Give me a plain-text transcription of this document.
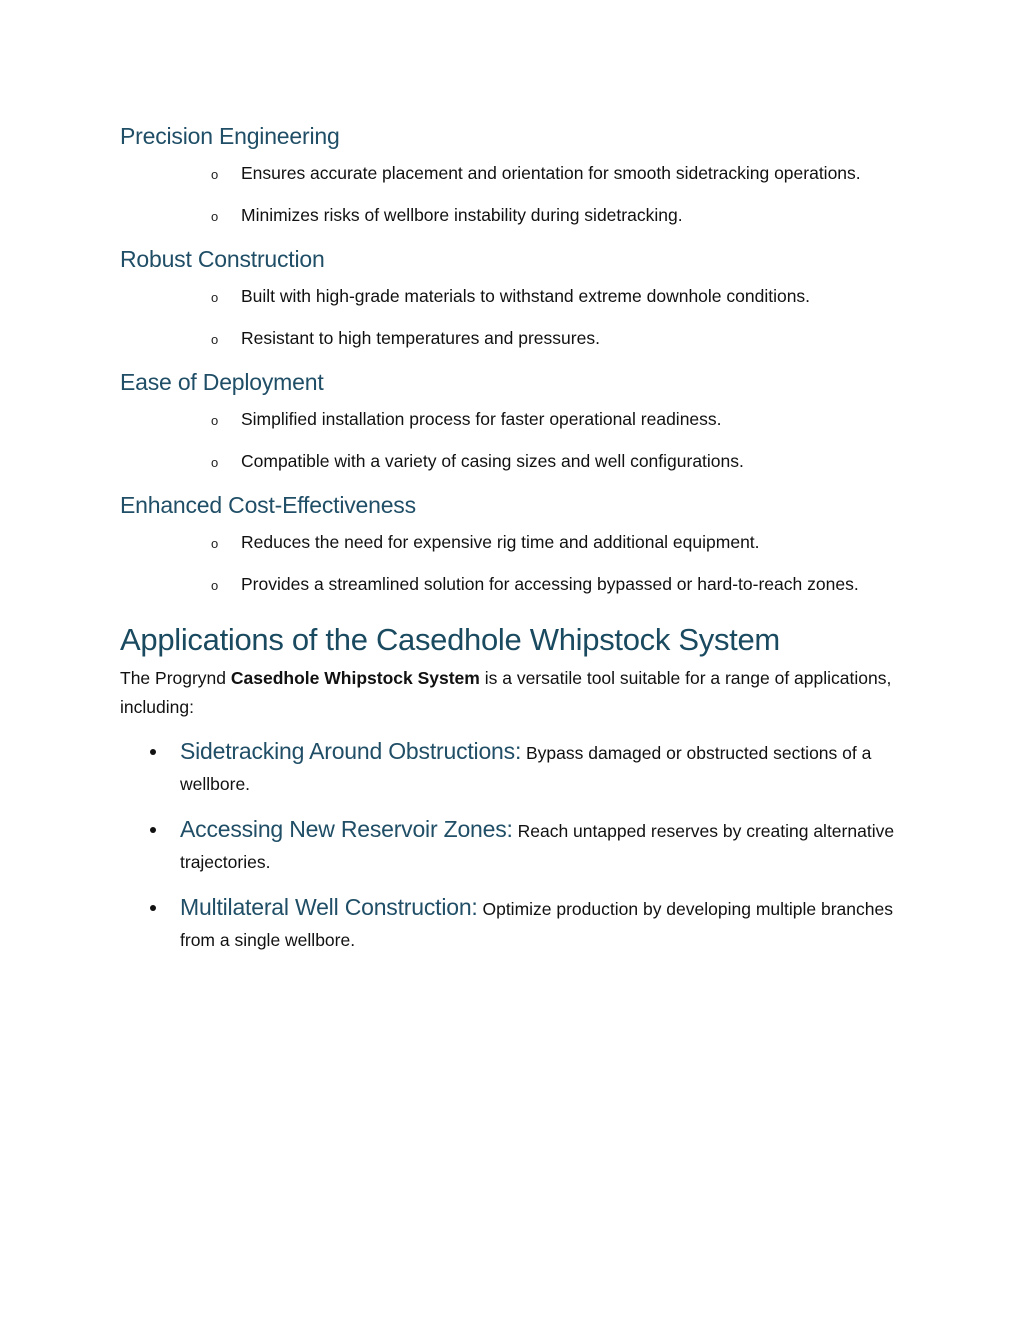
Precision Engineering
o Ensures accurate placement and orientation for smooth sidetracking operations.
o Minimizes risks of wellbore instability during sidetracking.
Robust Construction
o Built with high-grade materials to withstand extreme downhole conditions.
o Resistant to high temperatures and pressures.
Ease of Deployment
o Simplified installation process for faster operational readiness.
o Compatible with a variety of casing sizes and well configurations.
Enhanced Cost-Effectiveness
o Reduces the need for expensive rig time and additional equipment.
o Provides a streamlined solution for accessing bypassed or hard-to-reach zones.
Applications of the Casedhole Whipstock System

The Progrynd Casedhole Whipstock System is a versatile tool suitable for a range of applications, including:

Sidetracking Around Obstructions: Bypass damaged or obstructed sections of a wellbore.
Accessing New Reservoir Zones: Reach untapped reserves by creating alternative trajectories.
Multilateral Well Construction: Optimize production by developing multiple branches from a single wellbore.
